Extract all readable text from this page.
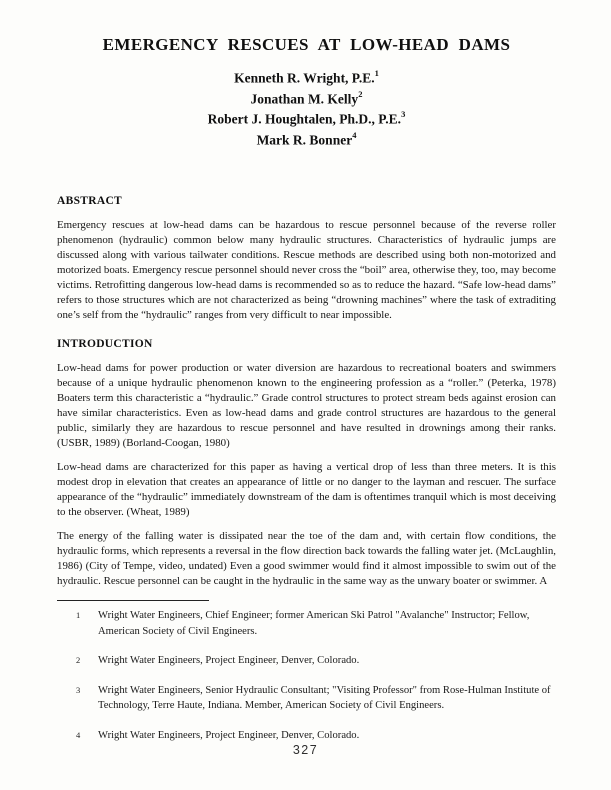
EMERGENCY RESCUES AT LOW-HEAD DAMS
Kenneth R. Wright, P.E.$^1$
Jonathan M. Kelly$^2$
Robert J. Houghtalen, Ph.D., P.E.$^3$
Mark R. Bonner$^4$
ABSTRACT

Emergency rescues at low-head dams can be hazardous to rescue personnel because of the reverse roller phenomenon (hydraulic) common below many hydraulic structures. Characteristics of hydraulic jumps are discussed along with various tailwater conditions. Rescue methods are described using both non-motorized and motorized boats. Emergency rescue personnel should never cross the “boil” area, otherwise they, too, may become victims. Retrofitting dangerous low-head dams is recommended so as to reduce the hazard. “Safe low-head dams” refers to those structures which are not characterized as being “drowning machines” where the task of extraditing one’s self from the “hydraulic” ranges from very difficult to near impossible.

INTRODUCTION

Low-head dams for power production or water diversion are hazardous to recreational boaters and swimmers because of a unique hydraulic phenomenon known to the engineering profession as a “roller.” (Peterka, 1978) Boaters term this characteristic a “hydraulic.” Grade control structures to protect stream beds against erosion can have similar characteristics. Even as low-head dams and grade control structures are hazardous to the general public, similarly they are hazardous to rescue personnel and have resulted in drownings among their ranks. (USBR, 1989) (Borland-Coogan, 1980)

Low-head dams are characterized for this paper as having a vertical drop of less than three meters. It is this modest drop in elevation that creates an appearance of little or no danger to the layman and rescuer. The surface appearance of the “hydraulic” immediately downstream of the dam is oftentimes tranquil which is most deceiving to the observer. (Wheat, 1989)

The energy of the falling water is dissipated near the toe of the dam and, with certain flow conditions, the hydraulic forms, which represents a reversal in the flow direction back towards the falling water jet. (McLaughlin, 1986) (City of Tempe, video, undated) Even a good swimmer would find it almost impossible to swim out of the hydraulic. Rescue personnel can be caught in the hydraulic in the same way as the unwary boater or swimmer. A

1	Wright Water Engineers, Chief Engineer; former American Ski Patrol "Avalanche" Instructor; Fellow, American Society of Civil Engineers.
2	Wright Water Engineers, Project Engineer, Denver, Colorado.
3	Wright Water Engineers, Senior Hydraulic Consultant; "Visiting Professor" from Rose-Hulman Institute of Technology, Terre Haute, Indiana. Member, American Society of Civil Engineers.
4	Wright Water Engineers, Project Engineer, Denver, Colorado.
327
